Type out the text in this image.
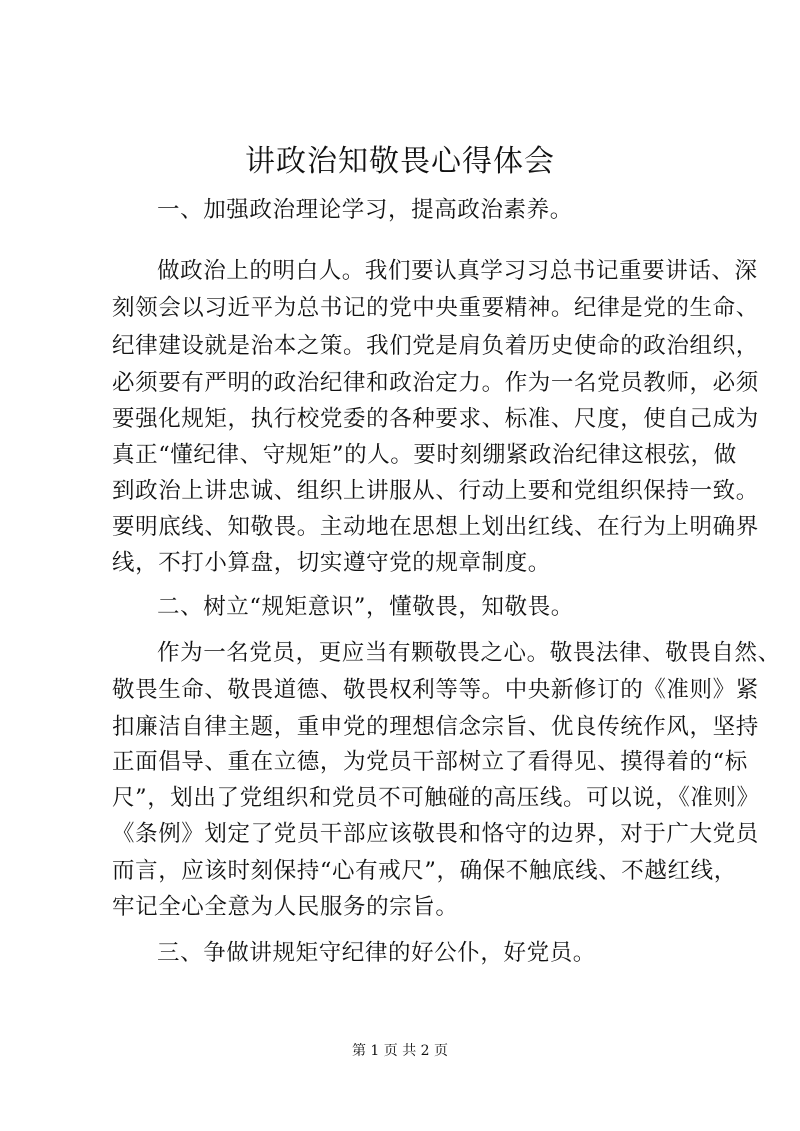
讲政治知敬畏心得体会
一、加强政治理论学习，提高政治素养。
做政治上的明白人。我们要认真学习习总书记重要讲话、深
刻领会以习近平为总书记的党中央重要精神。纪律是党的生命、
纪律建设就是治本之策。我们党是肩负着历史使命的政治组织，
必须要有严明的政治纪律和政治定力。作为一名党员教师，必须
要强化规矩，执行校党委的各种要求、标准、尺度，使自己成为
真正“懂纪律、守规矩”的人。要时刻绷紧政治纪律这根弦，做
到政治上讲忠诚、组织上讲服从、行动上要和党组织保持一致。
要明底线、知敬畏。主动地在思想上划出红线、在行为上明确界
线，不打小算盘，切实遵守党的规章制度。
二、树立“规矩意识”，懂敬畏，知敬畏。
作为一名党员，更应当有颗敬畏之心。敬畏法律、敬畏自然、
敬畏生命、敬畏道德、敬畏权利等等。中央新修订的《准则》紧
扣廉洁自律主题，重申党的理想信念宗旨、优良传统作风，坚持
正面倡导、重在立德，为党员干部树立了看得见、摸得着的“标
尺”，划出了党组织和党员不可触碰的高压线。可以说，《准则》
《条例》划定了党员干部应该敬畏和恪守的边界，对于广大党员
而言，应该时刻保持“心有戒尺”，确保不触底线、不越红线，
牢记全心全意为人民服务的宗旨。
三、争做讲规矩守纪律的好公仆，好党员。
第 1 页 共 2 页
